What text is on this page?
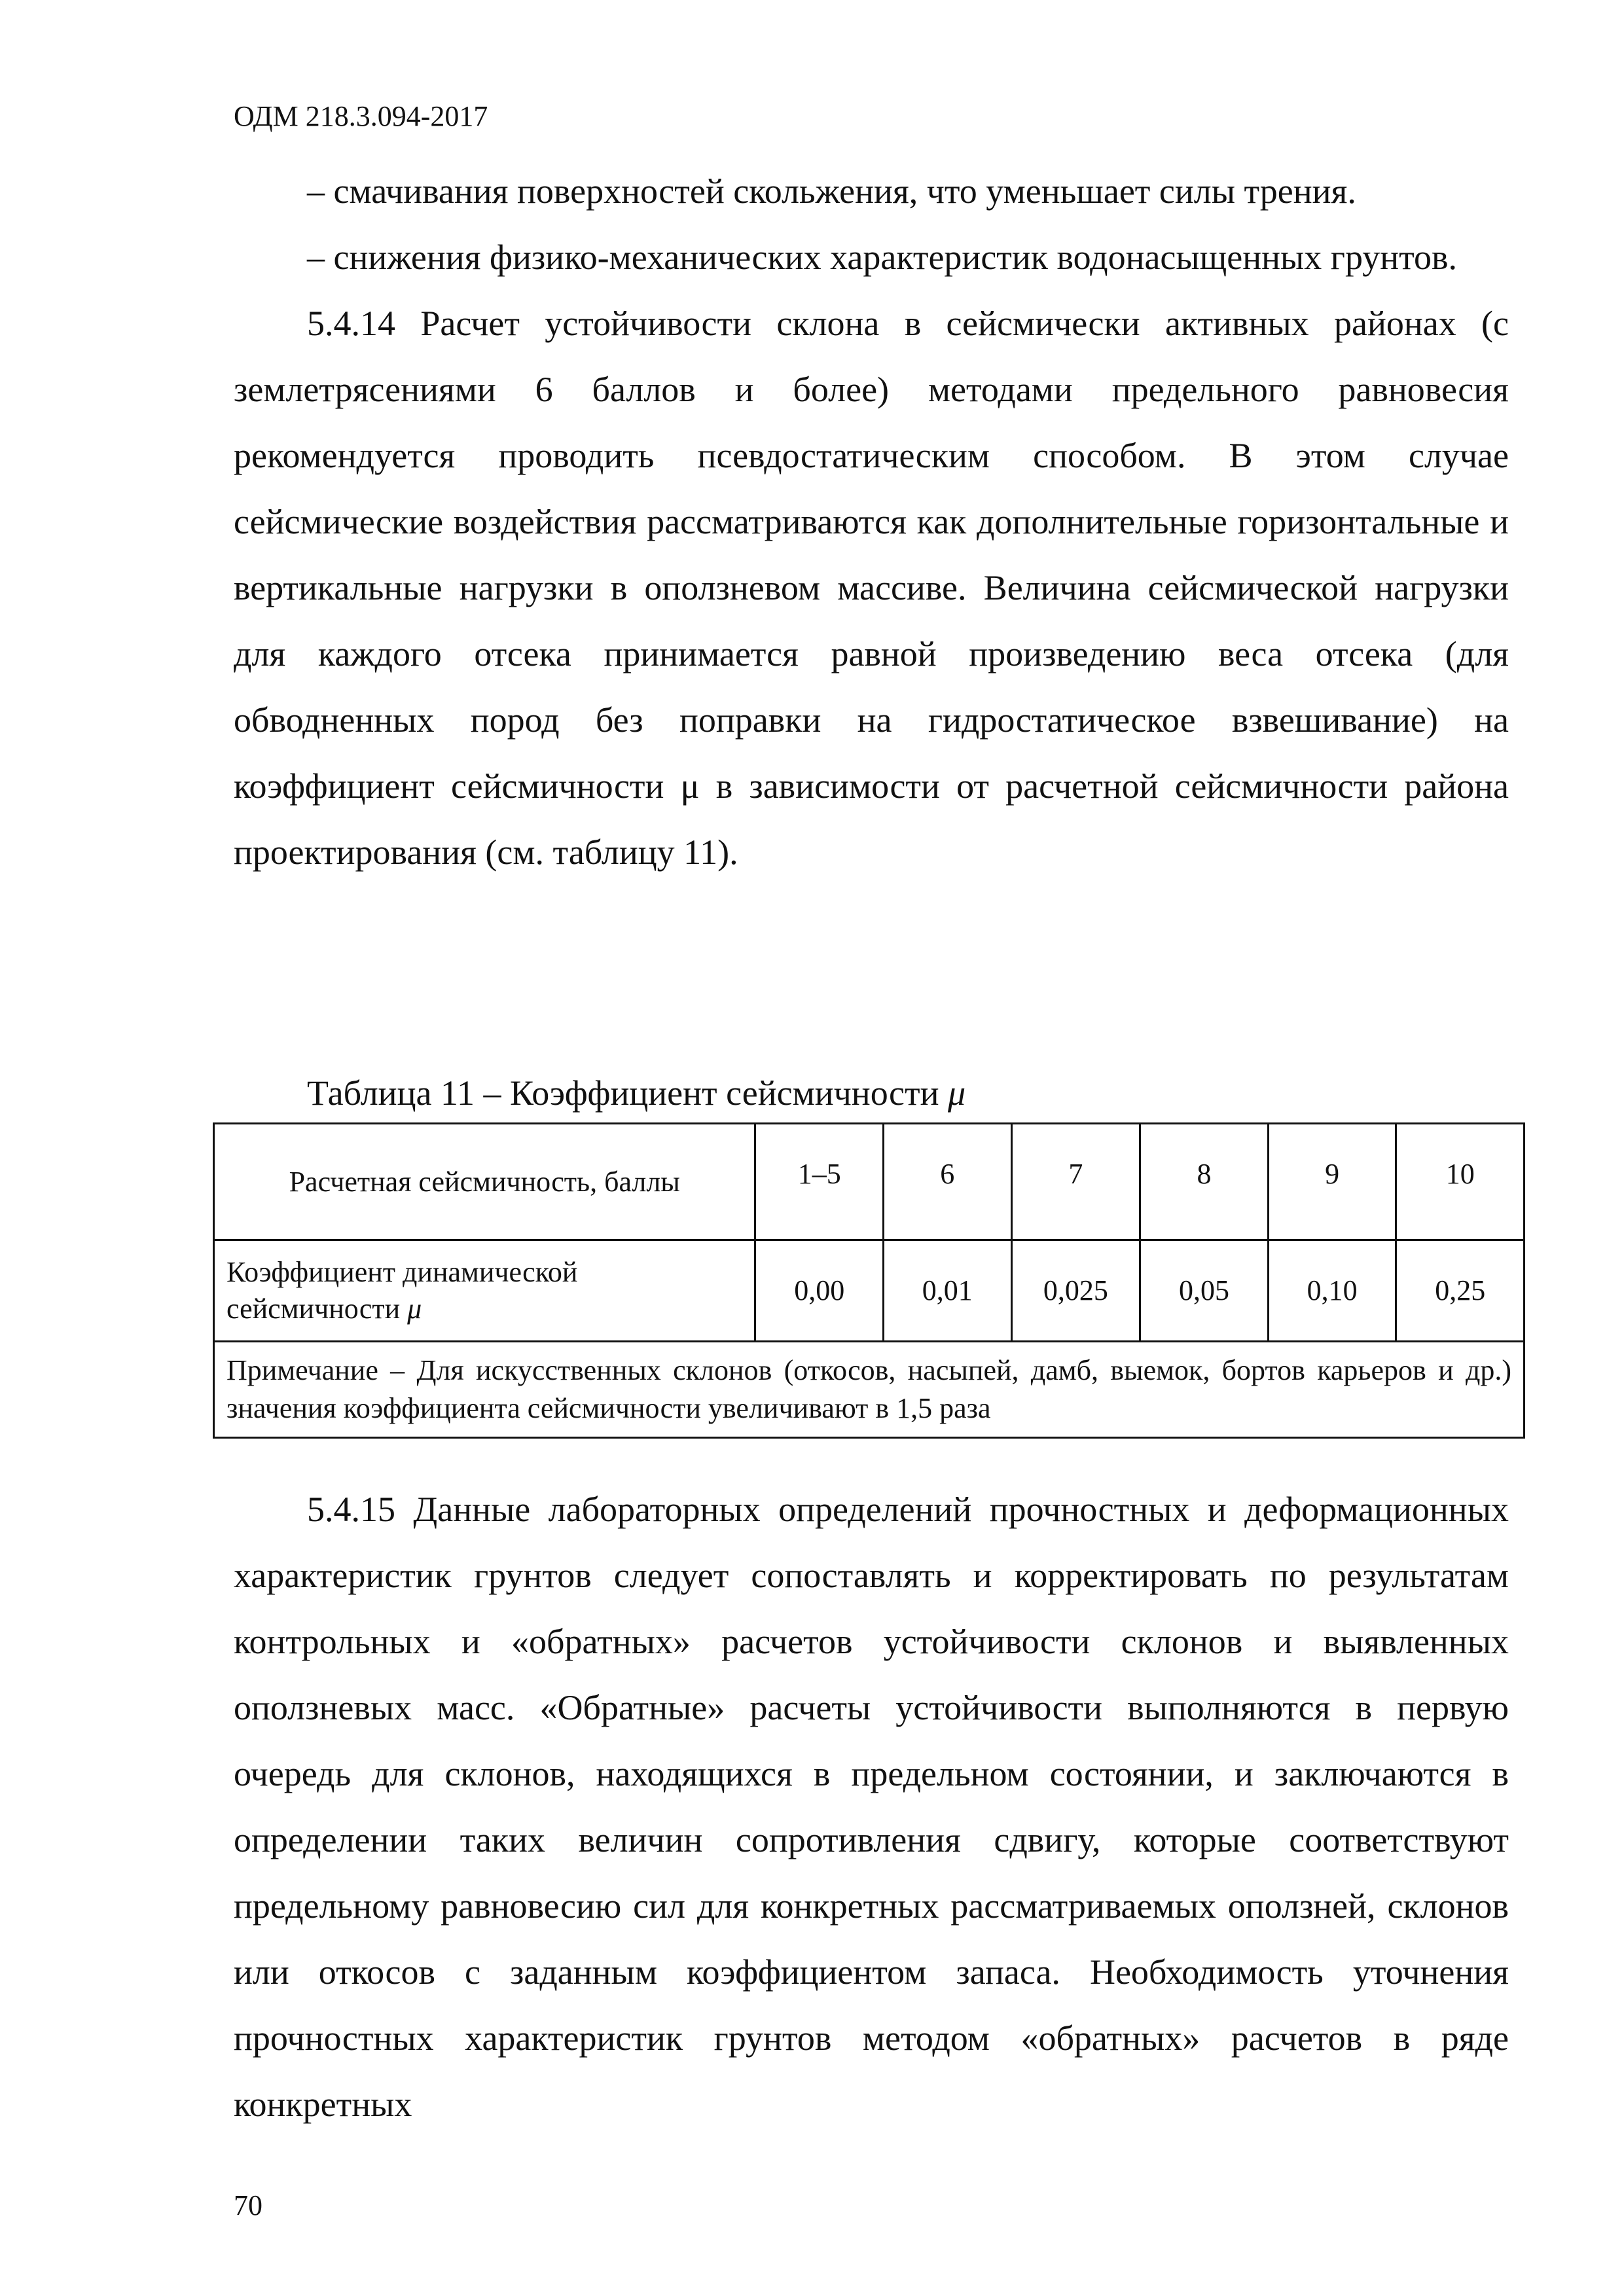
ОДМ 218.3.094-2017

– смачивания поверхностей скольжения, что уменьшает силы трения.

– снижения физико-механических характеристик водонасыщенных грунтов.

5.4.14 Расчет устойчивости склона в сейсмически активных районах (с землетрясениями 6 баллов и более) методами предельного равновесия рекомендуется проводить псевдостатическим способом. В этом случае сейсмические воздействия рассматриваются как дополнительные горизонтальные и вертикальные нагрузки в оползневом массиве. Величина сейсмической нагрузки для каждого отсека принимается равной произведению веса отсека (для обводненных пород без поправки на гидростатическое взвешивание) на коэффициент сейсмичности μ в зависимости от расчетной сейсмичности района проектирования (см. таблицу 11).

Таблица 11 – Коэффициент сейсмичности μ
Расчетная сейсмичность, баллы	1–5	6	7	8	9	10
Коэффициент динамической сейсмичности μ	0,00	0,01	0,025	0,05	0,10	0,25
Примечание – Для искусственных склонов (откосов, насыпей, дамб, выемок, бортов карьеров и др.) значения коэффициента сейсмичности увеличивают в 1,5 раза						

5.4.15 Данные лабораторных определений прочностных и деформационных характеристик грунтов следует сопоставлять и корректировать по результатам контрольных и «обратных» расчетов устойчивости склонов и выявленных оползневых масс. «Обратные» расчеты устойчивости выполняются в первую очередь для склонов, находящихся в предельном состоянии, и заключаются в определении таких величин сопротивления сдвигу, которые соответствуют предельному равновесию сил для конкретных рассматриваемых оползней, склонов или откосов с заданным коэффициентом запаса. Необходимость уточнения прочностных характеристик грунтов методом «обратных» расчетов в ряде конкретных

70
